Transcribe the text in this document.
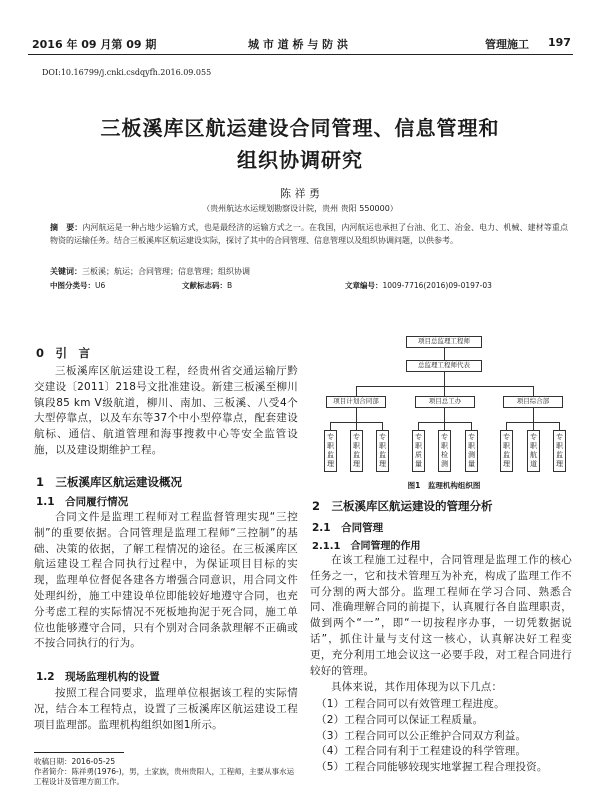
2016 年 09 月第 09 期	城 市 道 桥 与 防 洪	管理施工 197
DOI:10.16799/j.cnki.csdqyfh.2016.09.055
三板溪库区航运建设合同管理、信息管理和
组织协调研究
陈 祥 勇
（贵州航达水运规划勘察设计院，贵州 贵阳 550000）
摘　要：内河航运是一种占地少运输方式，也是最经济的运输方式之一。在我国，内河航运也承担了台油、化工、冶金、电力、机械、建材等重点物资的运输任务。结合三板溪库区航运建设实际，探讨了其中的合同管理、信息管理以及组织协调问题，以供参考。
关键词：三板溪；航运；合同管理；信息管理；组织协调
中图分类号：U6	文献标志码：B	文章编号：1009-7716(2016)09-0197-03
0　引　言
三板溪库区航运建设工程，经贵州省交通运输厅黔交建设〔2011〕218号文批准建设。新建三板溪至柳川镇段85 km V级航道，柳川、南加、三板溪、八受4个大型停靠点，以及车东等37个中小型停靠点，配套建设航标、通信、航道管理和海事搜救中心等安全监管设施，以及建设期维护工程。
1　三板溪库区航运建设概况
1.1　合同履行情况
合同文件是监理工程师对工程监督管理实现“三控制”的重要依据。合同管理是监理工程师“三控制”的基础、决策的依据，了解工程情况的途径。在三板溪库区航运建设工程合同执行过程中，为保证项目目标的实现，监理单位督促各建各方增强合同意识，用合同文件处理纠纷，施工中建设单位即能较好地遵守合同，也充分考虑工程的实际情况不死板地拘泥于死合同，施工单位也能够遵守合同，只有个别对合同条款理解不正确或不按合同执行的行为。
1.2　现场监理机构的设置
按照工程合同要求，监理单位根据该工程的实际情况，结合本工程特点，设置了三板溪库区航运建设工程项目监理部。监理机构组织如图1所示。
收稿日期：2016-05-25
作者简介：陈祥勇(1976-)，男，土家族，贵州贵阳人，工程师，主要从事水运工程设计及管理方面工作。
项目总监理工程师
总监理工程师代表
项目计划合同部	项目总工办	项目综合部
专职监理
专职监理
专职监理
专职质量
专职检测
专职测量
专职监理
专职航道
专职监理
图1　监理机构组织图
2　三板溪库区航运建设的管理分析
2.1　合同管理
2.1.1　合同管理的作用
在该工程施工过程中，合同管理是监理工作的核心任务之一，它和技术管理互为补充，构成了监理工作不可分割的两大部分。监理工程师在学习合同、熟悉合同、准确理解合同的前提下，认真履行各自监理职责，做到两个“一”，即“一切按程序办事，一切凭数据说话”，抓住计量与支付这一核心，认真解决好工程变更，充分利用工地会议这一必要手段，对工程合同进行较好的管理。
具体来说，其作用体现为以下几点：
（1）工程合同可以有效管理工程进度。
（2）工程合同可以保证工程质量。
（3）工程合同可以公正维护合同双方利益。
（4）工程合同有利于工程建设的科学管理。
（5）工程合同能够较现实地掌握工程合理投资。
